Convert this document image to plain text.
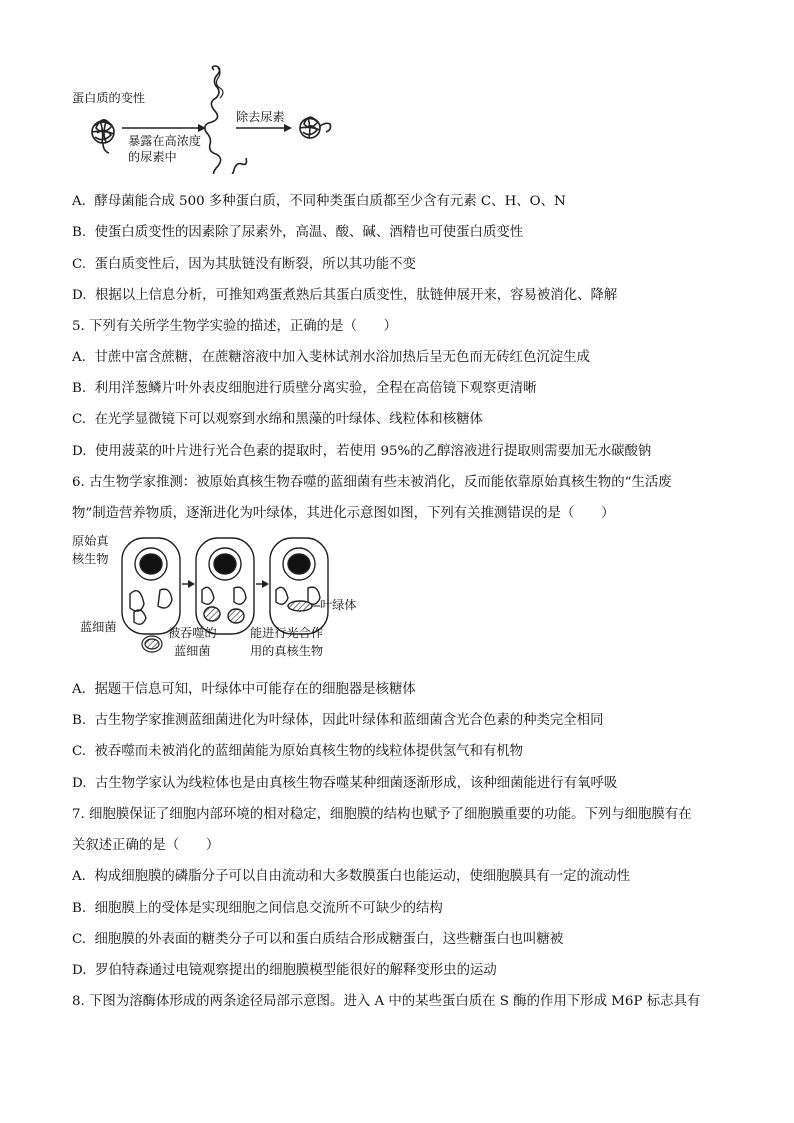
蛋白质的变性
暴露在高浓度
的尿素中
除去尿素
A. 酵母菌能合成 500 多种蛋白质，不同种类蛋白质都至少含有元素 C、H、O、N
B. 使蛋白质变性的因素除了尿素外，高温、酸、碱、酒精也可使蛋白质变性
C. 蛋白质变性后，因为其肽链没有断裂，所以其功能不变
D. 根据以上信息分析，可推知鸡蛋煮熟后其蛋白质变性，肽链伸展开来，容易被消化、降解
5. 下列有关所学生物学实验的描述，正确的是（　　）
A. 甘蔗中富含蔗糖，在蔗糖溶液中加入斐林试剂水浴加热后呈无色而无砖红色沉淀生成
B. 利用洋葱鳞片叶外表皮细胞进行质壁分离实验，全程在高倍镜下观察更清晰
C. 在光学显微镜下可以观察到水绵和黑藻的叶绿体、线粒体和核糖体
D. 使用菠菜的叶片进行光合色素的提取时，若使用 95%的乙醇溶液进行提取则需要加无水碳酸钠
6. 古生物学家推测：被原始真核生物吞噬的蓝细菌有些未被消化，反而能依靠原始真核生物的“生活废
物”制造营养物质，逐渐进化为叶绿体，其进化示意图如图，下列有关推测错误的是（　　）
原始真
核生物
蓝细菌	被吞噬的
蓝细菌
能进行光合作
用的真核生物
叶绿体
A. 据题干信息可知，叶绿体中可能存在的细胞器是核糖体
B. 古生物学家推测蓝细菌进化为叶绿体，因此叶绿体和蓝细菌含光合色素的种类完全相同
C. 被吞噬而未被消化的蓝细菌能为原始真核生物的线粒体提供氢气和有机物
D. 古生物学家认为线粒体也是由真核生物吞噬某种细菌逐渐形成，该种细菌能进行有氧呼吸
7. 细胞膜保证了细胞内部环境的相对稳定，细胞膜的结构也赋予了细胞膜重要的功能。下列与细胞膜有在
关叙述正确的是（　　）
A. 构成细胞膜的磷脂分子可以自由流动和大多数膜蛋白也能运动，使细胞膜具有一定的流动性
B. 细胞膜上的受体是实现细胞之间信息交流所不可缺少的结构
C. 细胞膜的外表面的糖类分子可以和蛋白质结合形成糖蛋白，这些糖蛋白也叫糖被
D. 罗伯特森通过电镜观察提出的细胞膜模型能很好的解释变形虫的运动
8. 下图为溶酶体形成的两条途径局部示意图。进入 A 中的某些蛋白质在 S 酶的作用下形成 M6P 标志具有
